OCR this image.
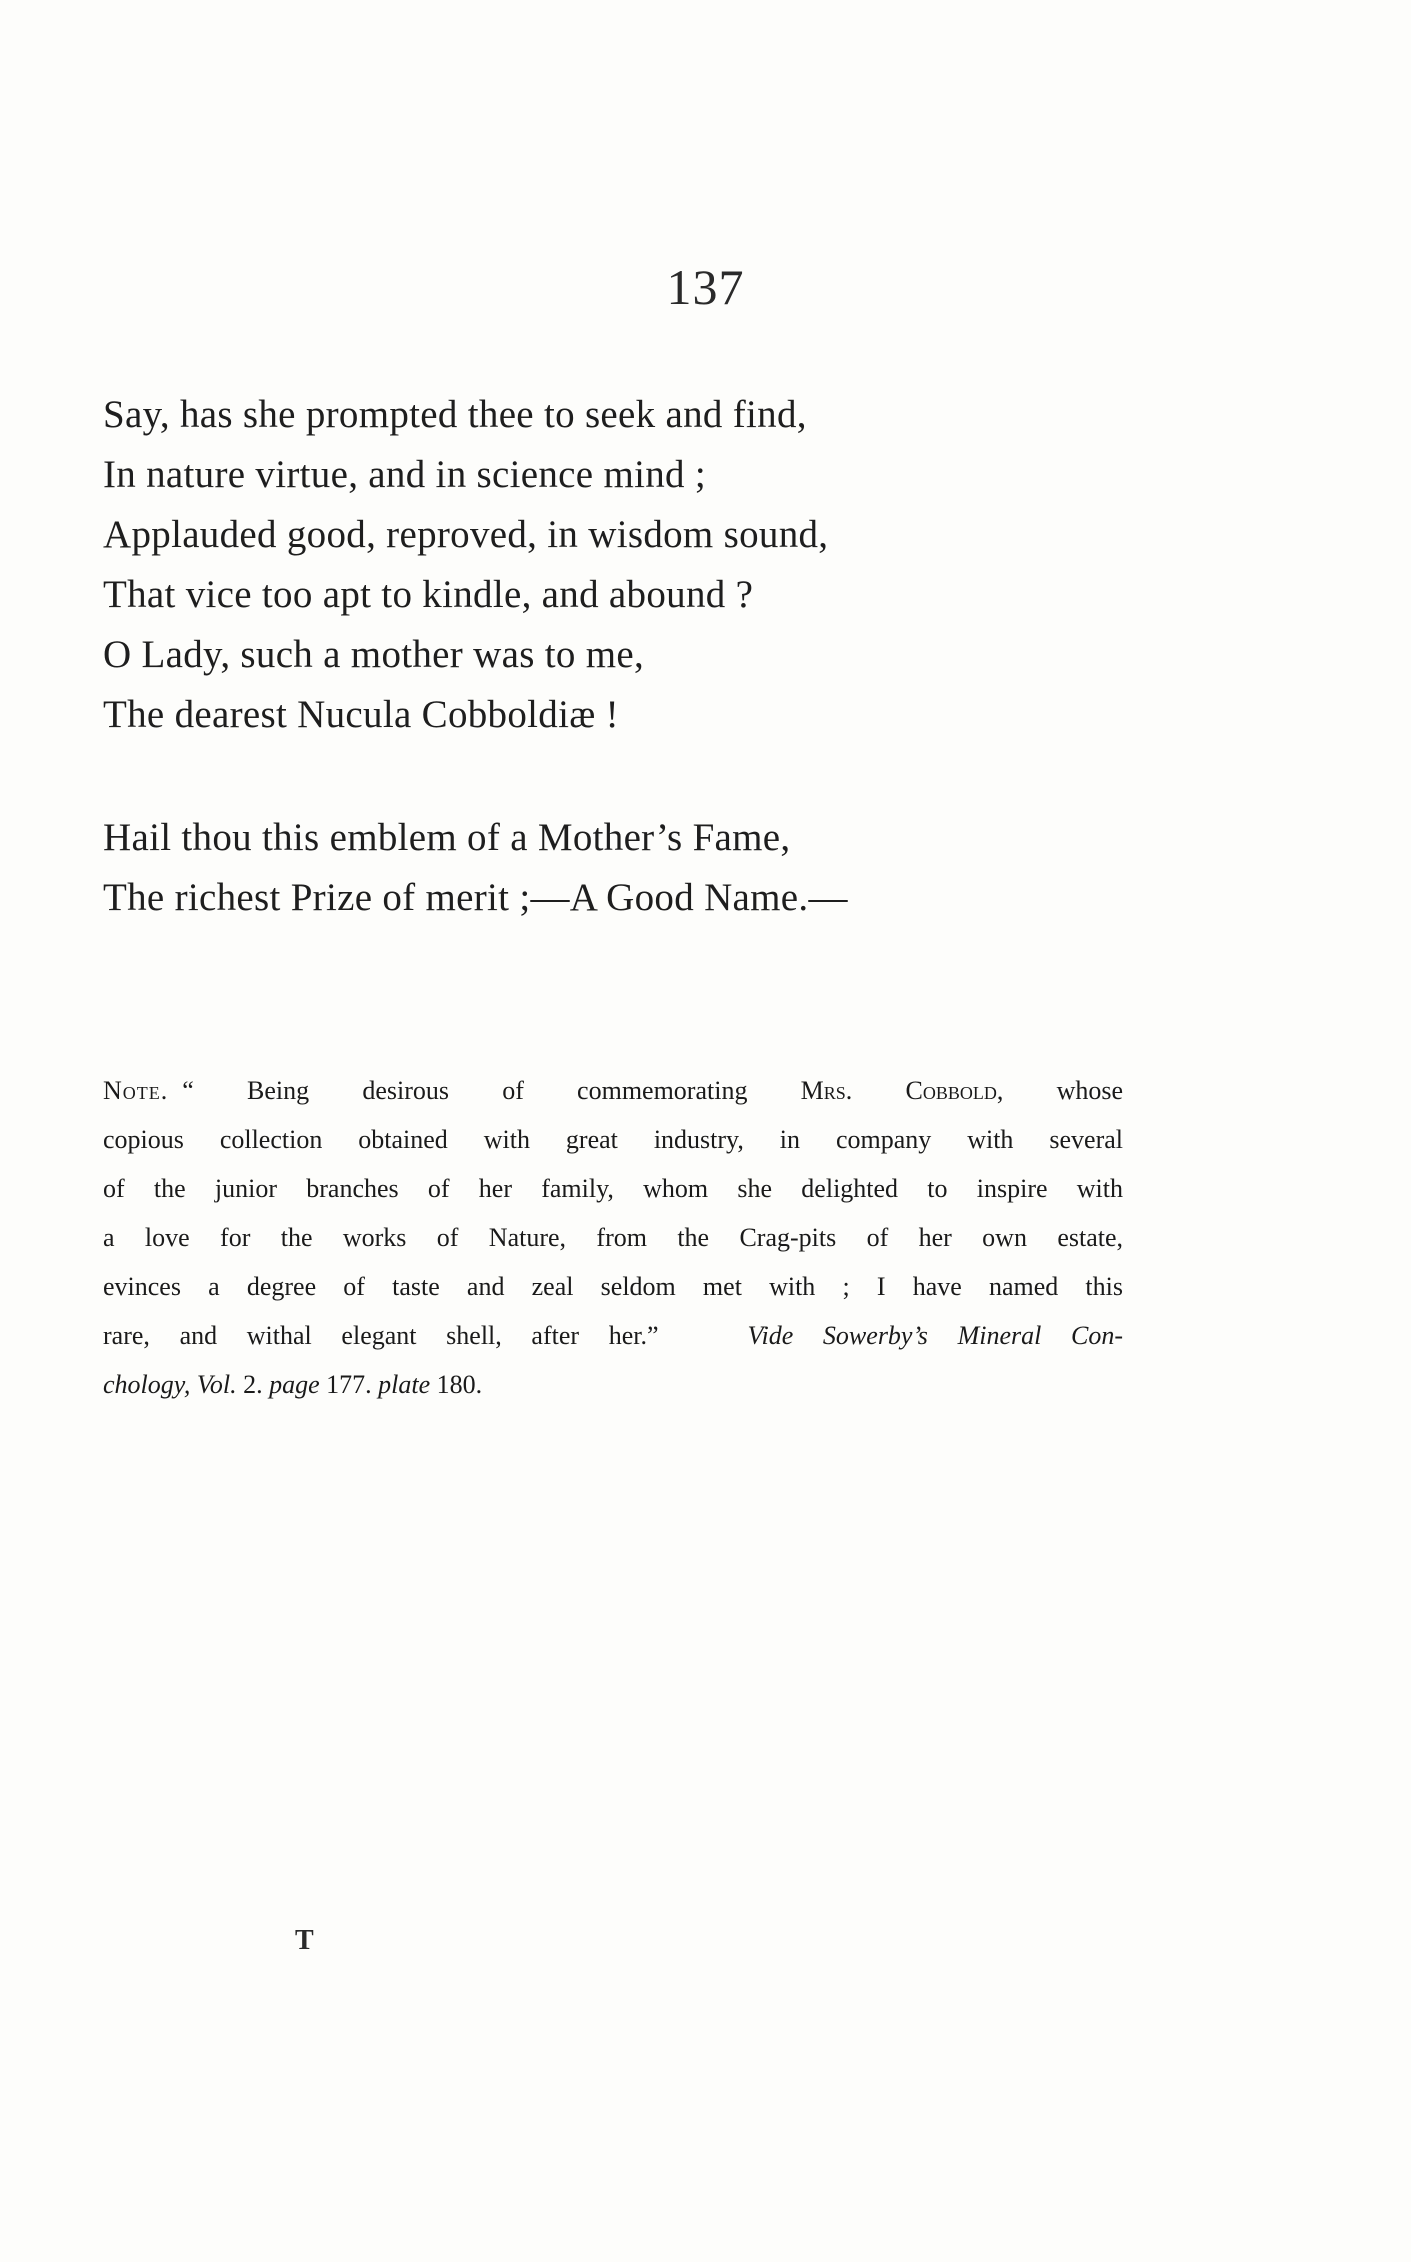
137
Say, has she prompted thee to seek and find,
In nature virtue, and in science mind ;
Applauded good, reproved, in wisdom sound,
That vice too apt to kindle, and abound ?
O Lady, such a mother was to me,
The dearest Nucula Cobboldiæ !
Hail thou this emblem of a Mother’s Fame,
The richest Prize of merit ;—A Good Name.—
Note. “ Being desirous of commemorating Mrs. Cobbold, whose
copious collection obtained with great industry, in company with several
of the junior branches of her family, whom she delighted to inspire with
a love for the works of Nature, from the Crag-pits of her own estate,
evinces a degree of taste and zeal seldom met with ; I have named this
rare, and withal elegant shell, after her.”	Vide Sowerby’s Mineral Con-
chology, Vol. 2. page 177. plate 180.
T
